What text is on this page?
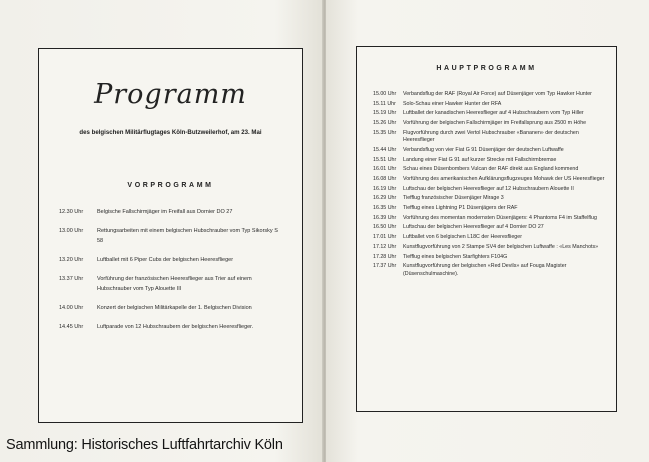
Programm
des belgischen Militärflugtages Köln-Butzweilerhof, am 23. Mai
VORPROGRAMM
12.30 Uhr	Belgische Fallschirmjäger im Freifall aus Dornier DO 27
13.00 Uhr	Rettungsarbeiten mit einem belgischen Hubschrauber vom Typ Sikorsky S 58
13.20 Uhr	Luftballet mit 6 Piper Cubs der belgischen Heeresflieger
13.37 Uhr	Vorführung der französischen Heeresflieger aus Trier auf einem Hubschrauber vom Typ Alouette III
14.00 Uhr	Konzert der belgischen Militärkapelle der 1. Belgischen Division
14.45 Uhr	Luftparade von 12 Hubschraubern der belgischen Heeresflieger.
HAUPTPROGRAMM
15.00 Uhr	Verbandsflug der RAF (Royal Air Force) auf Düsenjäger vom Typ Hawker Hunter
15.11 Uhr	Solo-Schau einer Hawker Hunter der RFA
15.19 Uhr	Luftballet der kanadischen Heeresflieger auf 4 Hubschraubern vom Typ Hiller
15.26 Uhr	Vorführung der belgischen Fallschirmjäger im Freifallsprung aus 2500 m Höhe
15.35 Uhr	Flugvorführung durch zwei Vertol Hubschrauber «Bananen» der deutschen Heeresflieger
15.44 Uhr	Verbandsflug von vier Fiat G 91 Düsenjäger der deutschen Luftwaffe
15.51 Uhr	Landung einer Fiat G 91 auf kurzer Strecke mit Fallschirmbremse
16.01 Uhr	Schau eines Düsenbombers Vulcan der RAF direkt aus England kommend
16.08 Uhr	Vorführung des amerikanischen Aufklärungsflugzeuges Mohawk der US Heeresflieger
16.19 Uhr	Luftschau der belgischen Heeresflieger auf 12 Hubschraubern Alouette II
16.29 Uhr	Tiefflug französischer Düsenjäger Mirage 3
16.35 Uhr	Tiefflug eines Lightning P1 Düsenjägers der RAF
16.39 Uhr	Vorführung des momentan modernsten Düsenjägers: 4 Phantoms F4 im Staffelflug
16.50 Uhr	Luftschau der belgischen Heeresflieger auf 4 Dornier DO 27
17.01 Uhr	Luftballet von 6 belgischen L18C der Heeresflieger
17.12 Uhr	Kunstflugvorführung von 2 Stampe SV4 der belgischen Luftwaffe : «Les Manchots»
17.28 Uhr	Tiefflug eines belgischen Starfighters F104G
17.37 Uhr	Kunstflugvorführung der belgischen «Red Devils» auf Fouga Magister (Düsenschulmaschine).
Sammlung: Historisches Luftfahrtarchiv Köln
